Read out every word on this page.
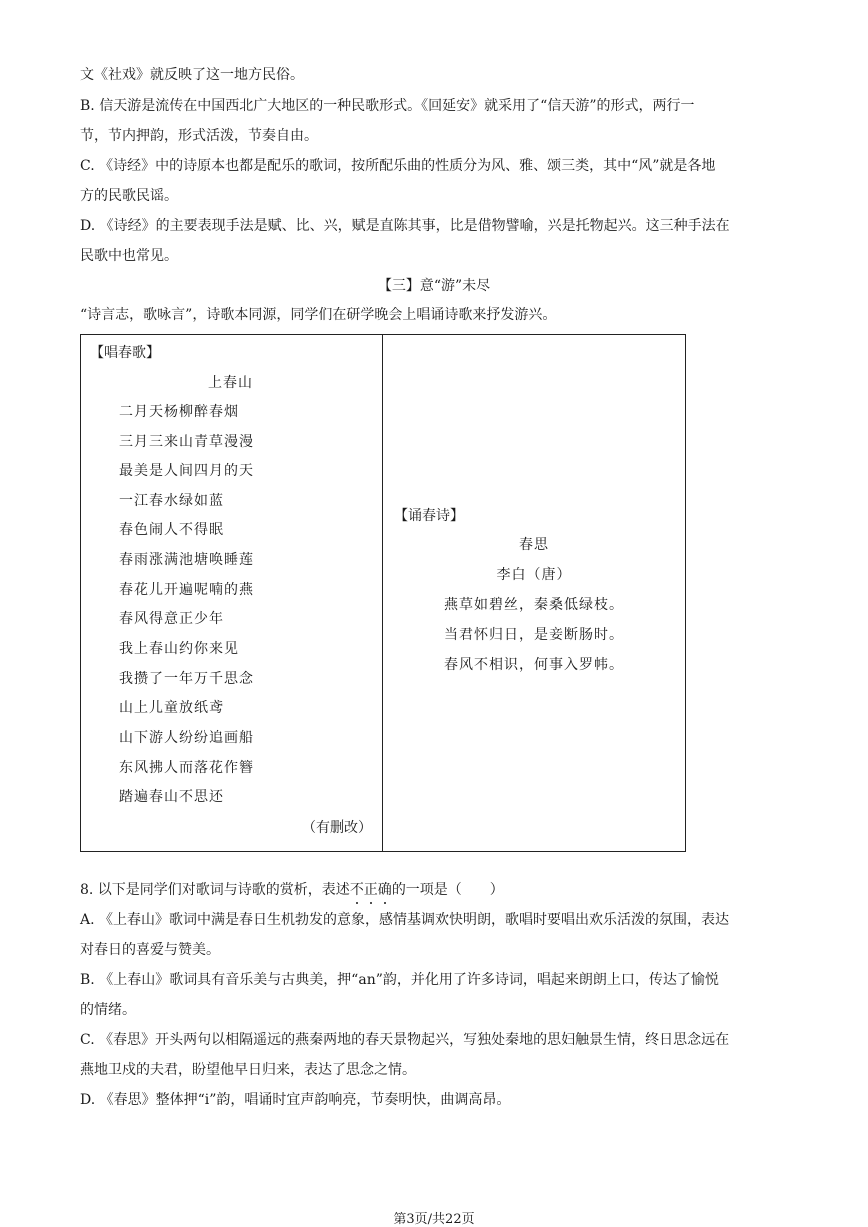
文《社戏》就反映了这一地方民俗。
B. 信天游是流传在中国西北广大地区的一种民歌形式。《回延安》就采用了“信天游”的形式，两行一
节，节内押韵，形式活泼，节奏自由。
C. 《诗经》中的诗原本也都是配乐的歌词，按所配乐曲的性质分为风、雅、颂三类，其中“风”就是各地
方的民歌民谣。
D. 《诗经》的主要表现手法是赋、比、兴，赋是直陈其事，比是借物譬喻，兴是托物起兴。这三种手法在
民歌中也常见。
【三】意“游”未尽
“诗言志，歌咏言”，诗歌本同源，同学们在研学晚会上唱诵诗歌来抒发游兴。
【唱春歌】
上春山
二月天杨柳醉春烟
三月三来山青草漫漫
最美是人间四月的天
一江春水绿如蓝
春色闹人不得眠
春雨涨满池塘唤睡莲
春花儿开遍呢喃的燕
春风得意正少年
我上春山约你来见
我攒了一年万千思念
山上儿童放纸鸢
山下游人纷纷追画船
东风拂人而落花作簪
踏遍春山不思还
（有删改）
【诵春诗】
春思
李白（唐）
燕草如碧丝，秦桑低绿枝。
当君怀归日，是妾断肠时。
春风不相识，何事入罗帏。
8. 以下是同学们对歌词与诗歌的赏析，表述不正确
的一项是（　　）
A. 《上春山》歌词中满是春日生机勃发的意象，感情基调欢快明朗，歌唱时要唱出欢乐活泼的氛围，表达
对春日的喜爱与赞美。
B. 《上春山》歌词具有音乐美与古典美，押“an”韵，并化用了许多诗词，唱起来朗朗上口，传达了愉悦
的情绪。
C. 《春思》开头两句以相隔遥远的燕秦两地的春天景物起兴，写独处秦地的思妇触景生情，终日思念远在
燕地卫戍的夫君，盼望他早日归来，表达了思念之情。
D. 《春思》整体押“i”韵，唱诵时宜声韵响亮，节奏明快，曲调高昂。
第3页/共22页
